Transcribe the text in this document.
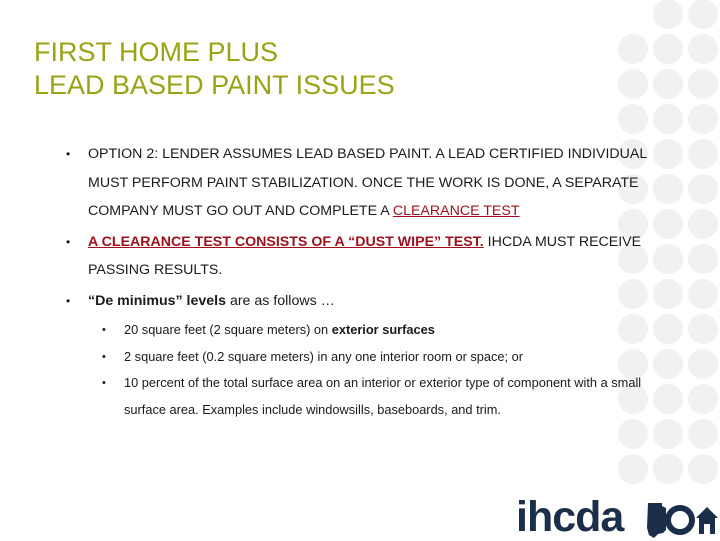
FIRST HOME PLUS
LEAD BASED PAINT ISSUES
• OPTION 2: LENDER ASSUMES LEAD BASED PAINT. A LEAD CERTIFIED INDIVIDUAL MUST PERFORM PAINT STABILIZATION. ONCE THE WORK IS DONE, A SEPARATE COMPANY MUST GO OUT AND COMPLETE A CLEARANCE TEST
• A CLEARANCE TEST CONSISTS OF A “DUST WIPE” TEST. IHCDA MUST RECEIVE PASSING RESULTS.
• “De minimus” levels are as follows …
• 20 square feet (2 square meters) on exterior surfaces
• 2 square feet (0.2 square meters) in any one interior room or space; or
• 10 percent of the total surface area on an interior or exterior type of component with a small surface area. Examples include windowsills, baseboards, and trim.
ihcda
